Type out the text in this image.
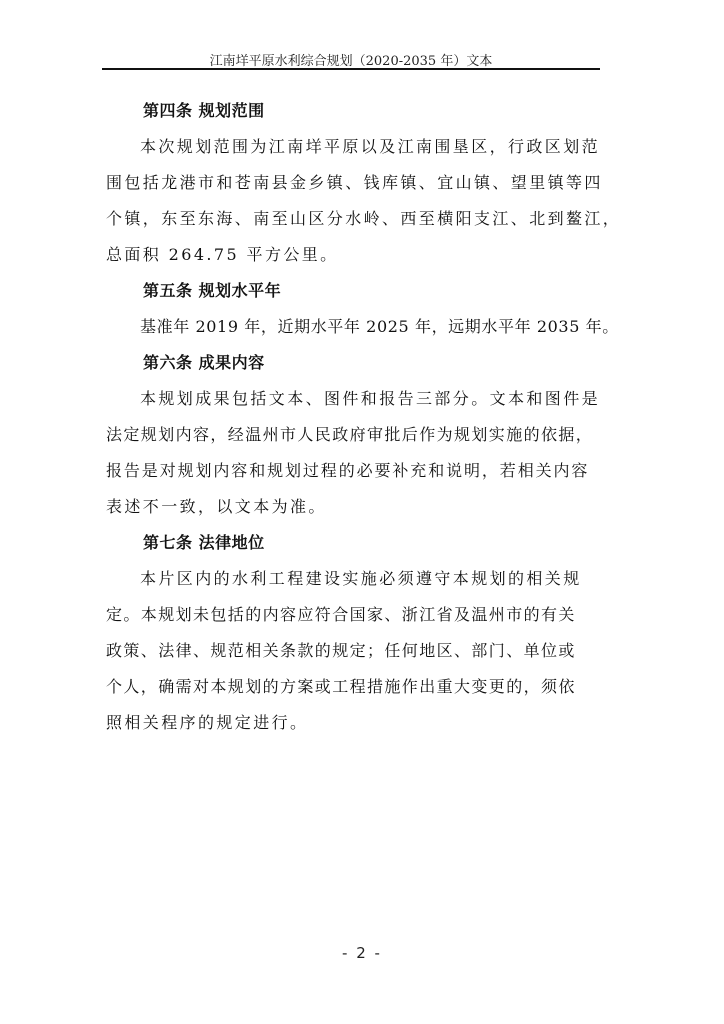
江南垟平原水利综合规划（2020-2035 年）文本
第四条 规划范围

本次规划范围为江南垟平原以及江南围垦区，行政区划范
围包括龙港市和苍南县金乡镇、钱库镇、宜山镇、望里镇等四
个镇，东至东海、南至山区分水岭、西至横阳支江、北到鳌江，
总面积 264.75 平方公里。

第五条 规划水平年

基准年 2019 年，近期水平年 2025 年，远期水平年 2035 年。

第六条 成果内容

本规划成果包括文本、图件和报告三部分。文本和图件是
法定规划内容，经温州市人民政府审批后作为规划实施的依据，
报告是对规划内容和规划过程的必要补充和说明，若相关内容
表述不一致，以文本为准。

第七条 法律地位

本片区内的水利工程建设实施必须遵守本规划的相关规
定。本规划未包括的内容应符合国家、浙江省及温州市的有关
政策、法律、规范相关条款的规定；任何地区、部门、单位或
个人，确需对本规划的方案或工程措施作出重大变更的，须依
照相关程序的规定进行。

- 2 -
